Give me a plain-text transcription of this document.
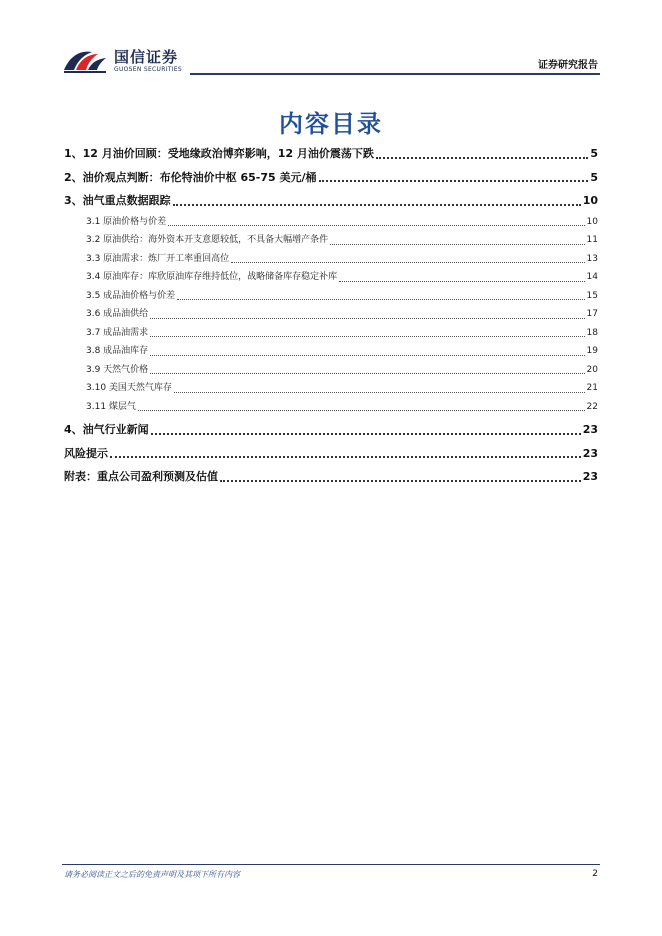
国信证券
GUOSEN SECURITIES	证券研究报告
内容目录
1、12 月油价回顾：受地缘政治博弈影响，12 月油价震荡下跌	5
2、油价观点判断：布伦特油价中枢 65-75 美元/桶	5
3、油气重点数据跟踪	10
3.1 原油价格与价差	10
3.2 原油供给：海外资本开支意愿较低，不具备大幅增产条件	11
3.3 原油需求：炼厂开工率重回高位	13
3.4 原油库存：库欣原油库存维持低位，战略储备库存稳定补库	14
3.5 成品油价格与价差	15
3.6 成品油供给	17
3.7 成品油需求	18
3.8 成品油库存	19
3.9 天然气价格	20
3.10 美国天然气库存	21
3.11 煤层气	22
4、油气行业新闻	23
风险提示	23
附表：重点公司盈利预测及估值	23
请务必阅读正文之后的免责声明及其项下所有内容	2
